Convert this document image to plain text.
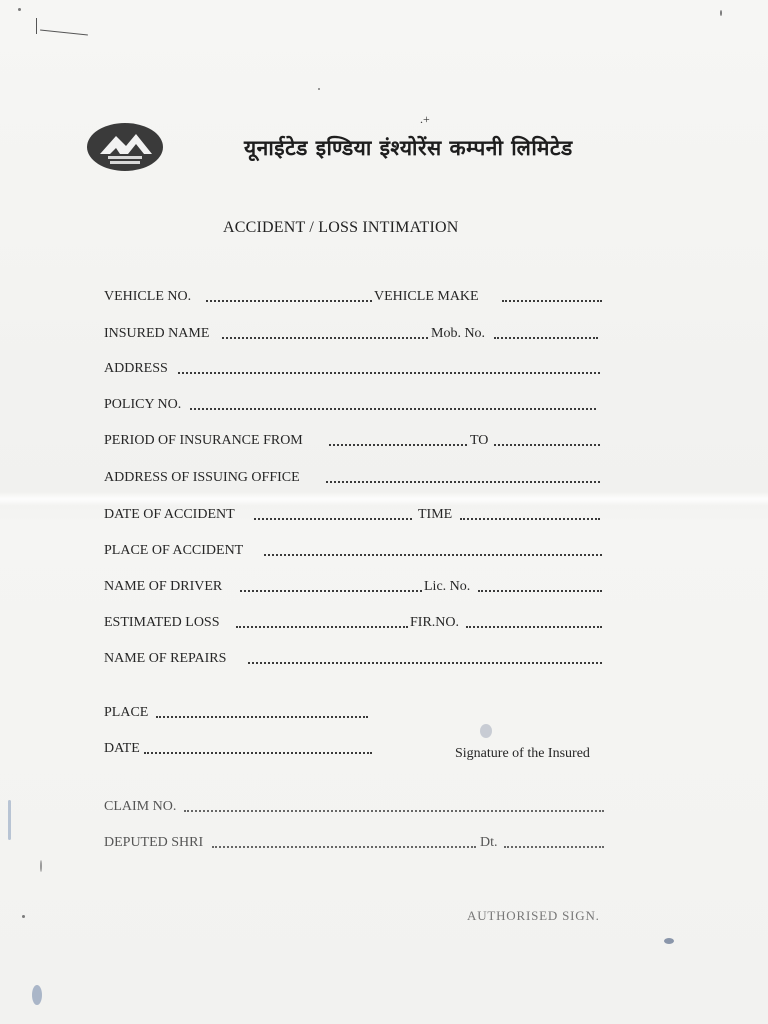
.+
यूनाईटेड इण्डिया इंश्योरेंस कम्पनी लिमिटेड
ACCIDENT / LOSS INTIMATION
VEHICLE NO.	VEHICLE MAKE
INSURED NAME	Mob. No.
ADDRESS
POLICY NO.
PERIOD OF INSURANCE FROM	TO
ADDRESS OF ISSUING OFFICE
DATE OF ACCIDENT	TIME
PLACE OF ACCIDENT
NAME OF DRIVER	Lic. No.
ESTIMATED LOSS	FIR.NO.
NAME OF REPAIRS
PLACE
DATE	Signature of the Insured
CLAIM NO.
DEPUTED SHRI	Dt.
AUTHORISED SIGN.
